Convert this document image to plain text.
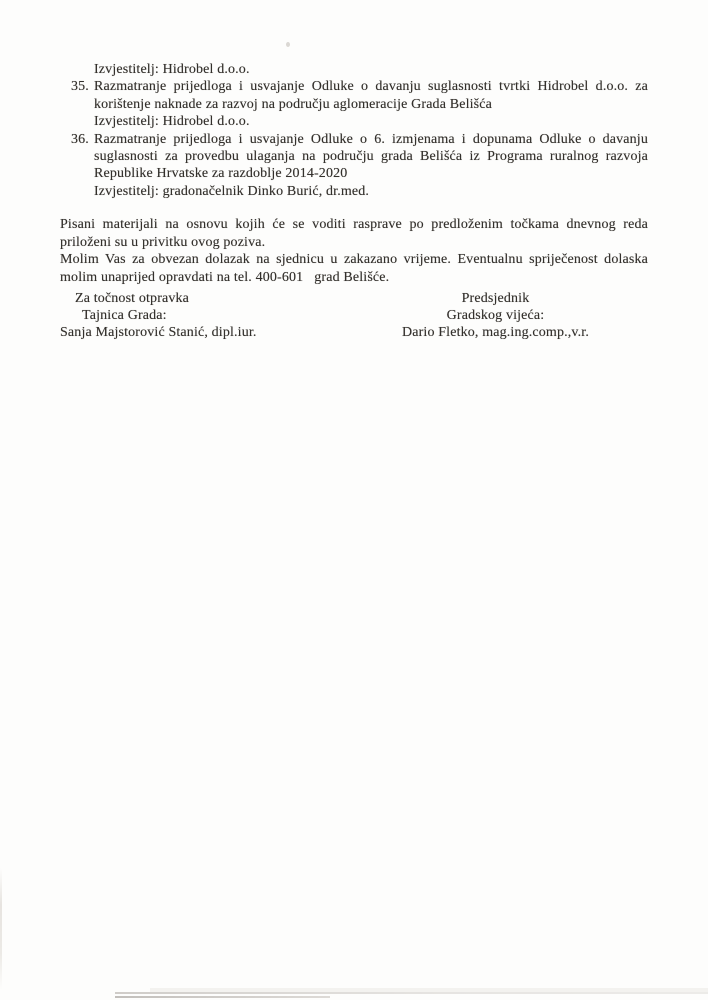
Izvjestitelj: Hidrobel d.o.o.
35. Razmatranje prijedloga i usvajanje Odluke o davanju suglasnosti tvrtki Hidrobel d.o.o. za korištenje naknade za razvoj na području aglomeracije Grada Belišća
Izvjestitelj: Hidrobel d.o.o.
36. Razmatranje prijedloga i usvajanje Odluke o 6. izmjenama i dopunama Odluke o davanju suglasnosti za provedbu ulaganja na području grada Belišća iz Programa ruralnog razvoja Republike Hrvatske za razdoblje 2014-2020
Izvjestitelj: gradonačelnik Dinko Burić, dr.med.

Pisani materijali na osnovu kojih će se voditi rasprave po predloženim točkama dnevnog reda priloženi su u privitku ovog poziva.

Molim Vas za obvezan dolazak na sjednicu u zakazano vrijeme. Eventualnu spriječenost dolaska molim unaprijed opravdati na tel. 400-601   grad Belišće.

Za točnost otpravka
Tajnica Grada:
Sanja Majstorović Stanić, dipl.iur.
Predsjednik
Gradskog vijeća:
Dario Fletko, mag.ing.comp.,v.r.
